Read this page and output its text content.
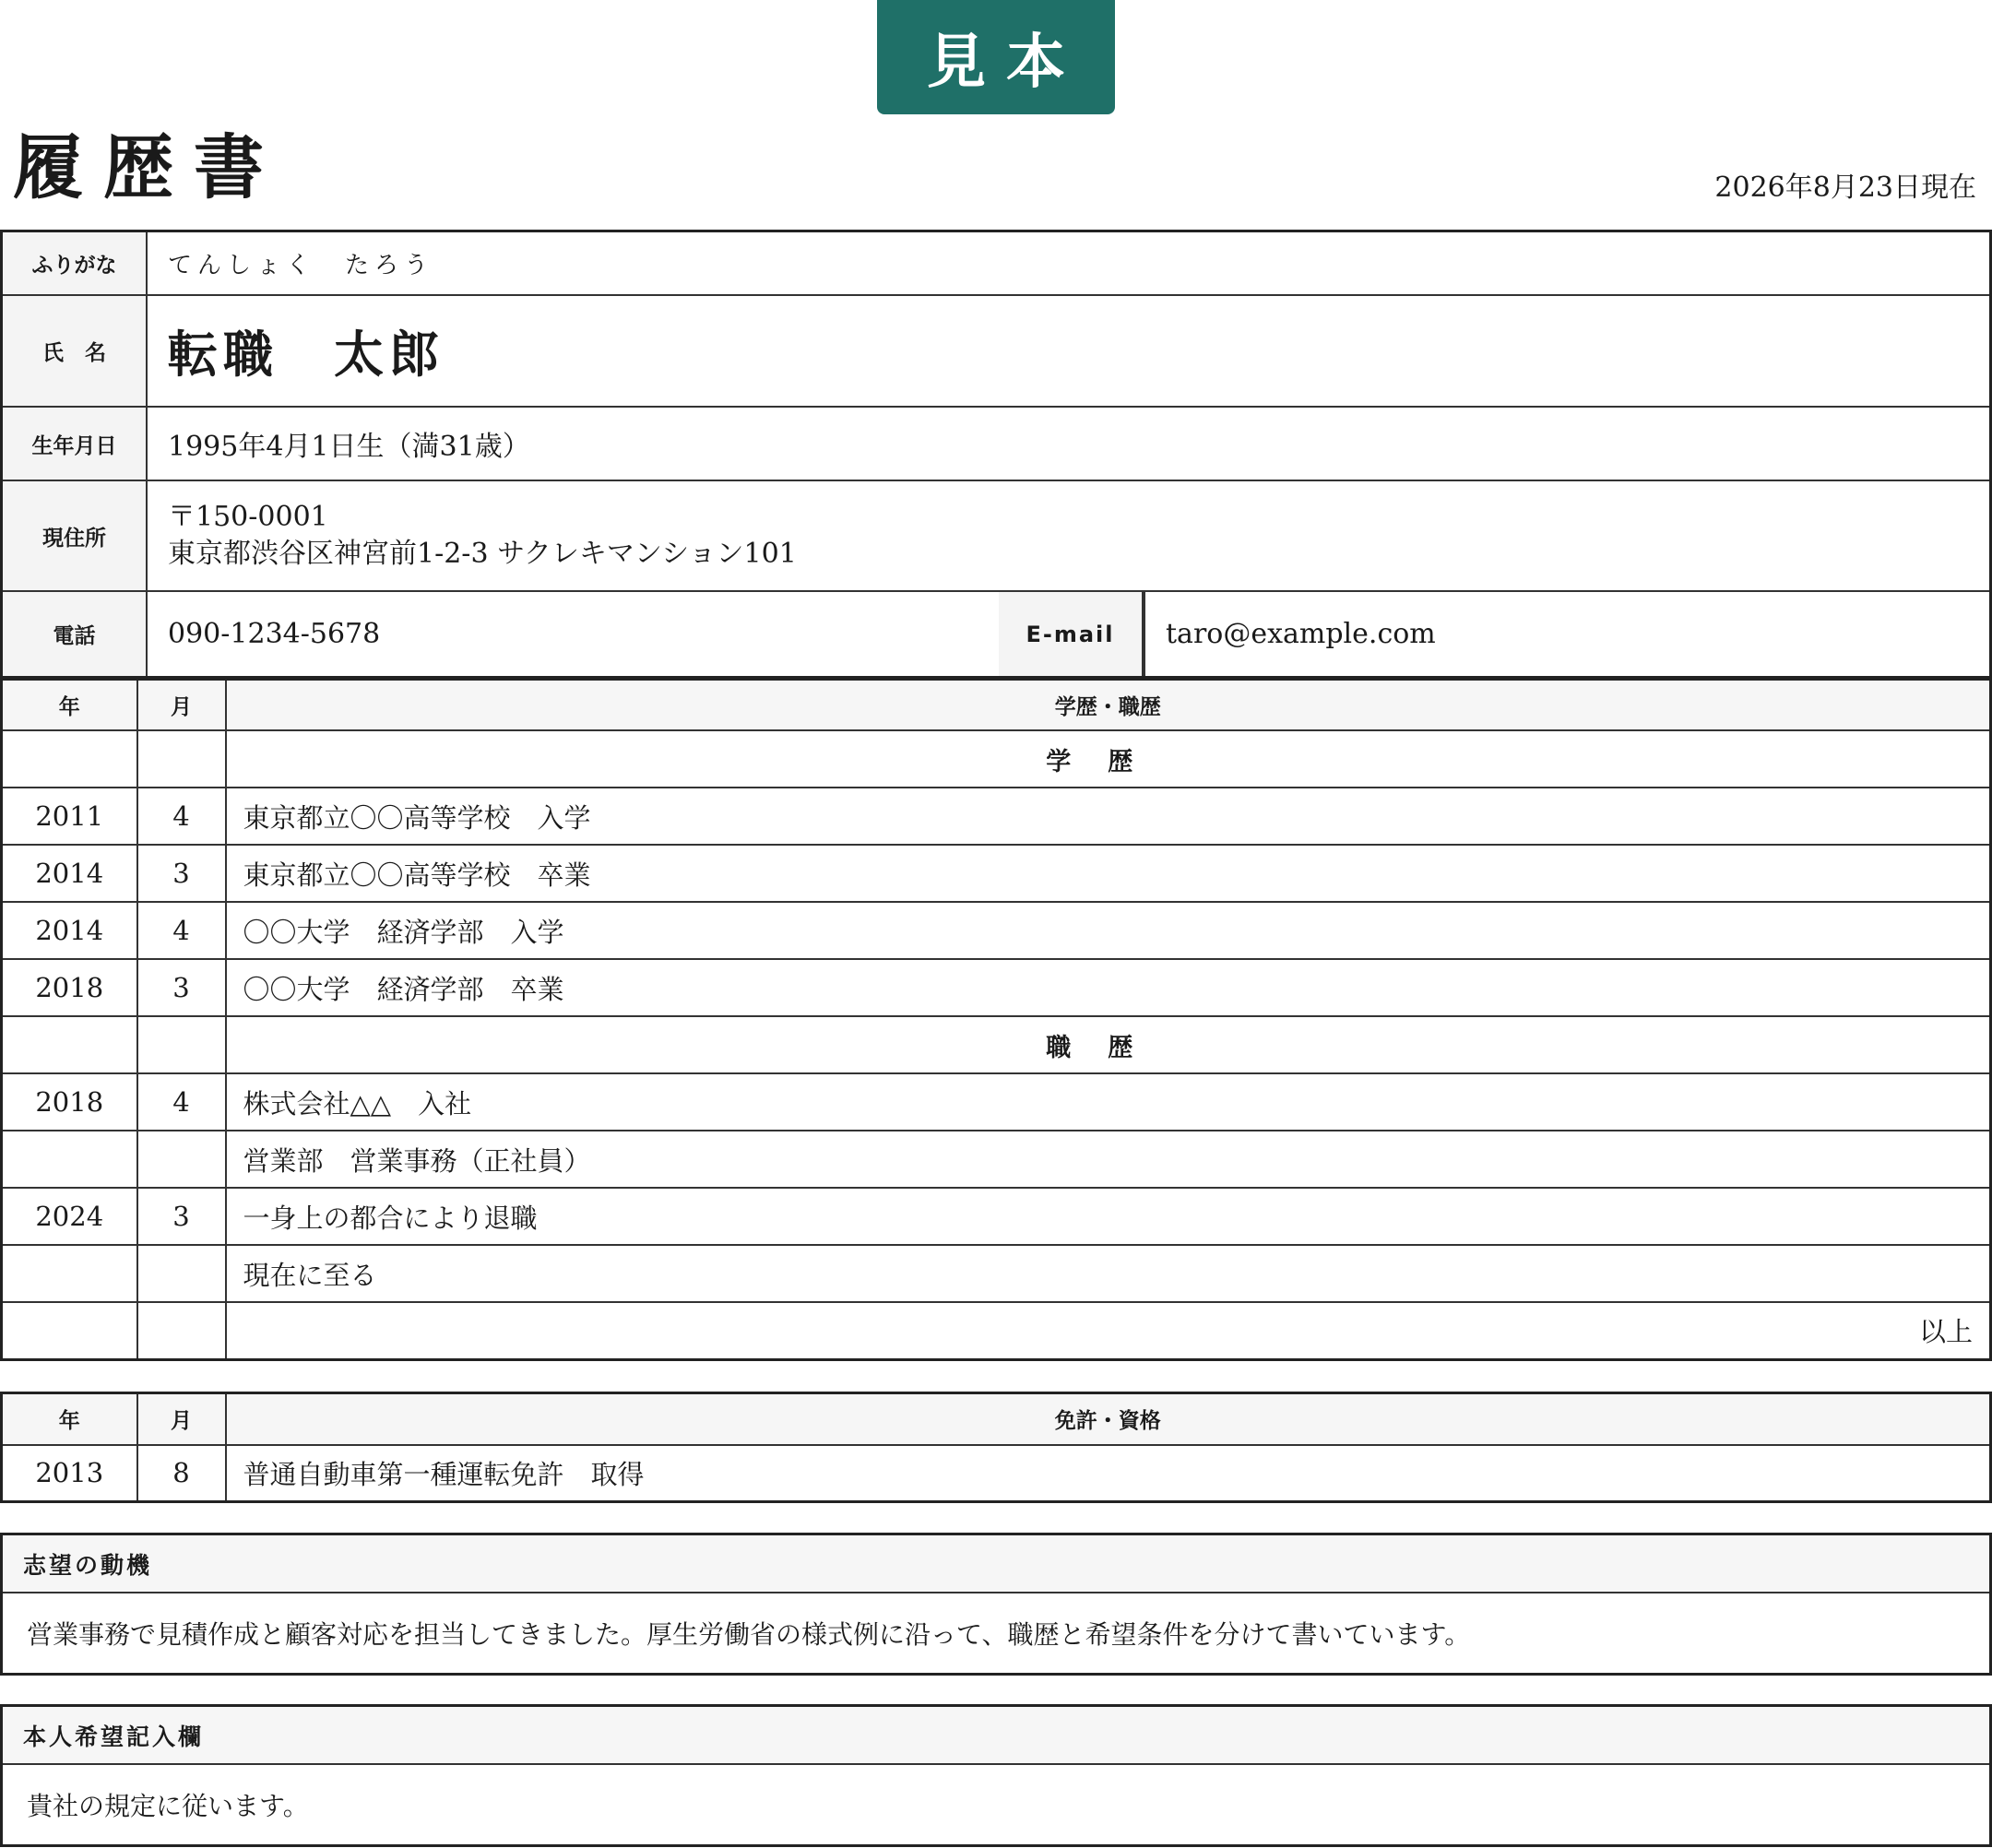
見本
履歴書	2026年8月23日現在
ふりがな	てんしょく　たろう
氏　名	転職　太郎
生年月日	1995年4月1日生（満31歳）
現住所
〒150-0001
東京都渋谷区神宮前1-2-3 サクレキマンション101
電話	090-1234-5678	E-mail	taro@example.com
年	月	学歴・職歴
		学歴
2011	4	東京都立〇〇高等学校　入学
2014	3	東京都立〇〇高等学校　卒業
2014	4	〇〇大学　経済学部　入学
2018	3	〇〇大学　経済学部　卒業
		職歴
2018	4	株式会社△△　入社
		営業部　営業事務（正社員）
2024	3	一身上の都合により退職
		現在に至る
		以上
年	月	免許・資格
2013	8	普通自動車第一種運転免許　取得
志望の動機
営業事務で見積作成と顧客対応を担当してきました。厚生労働省の様式例に沿って、職歴と希望条件を分けて書いています。
本人希望記入欄
貴社の規定に従います。
